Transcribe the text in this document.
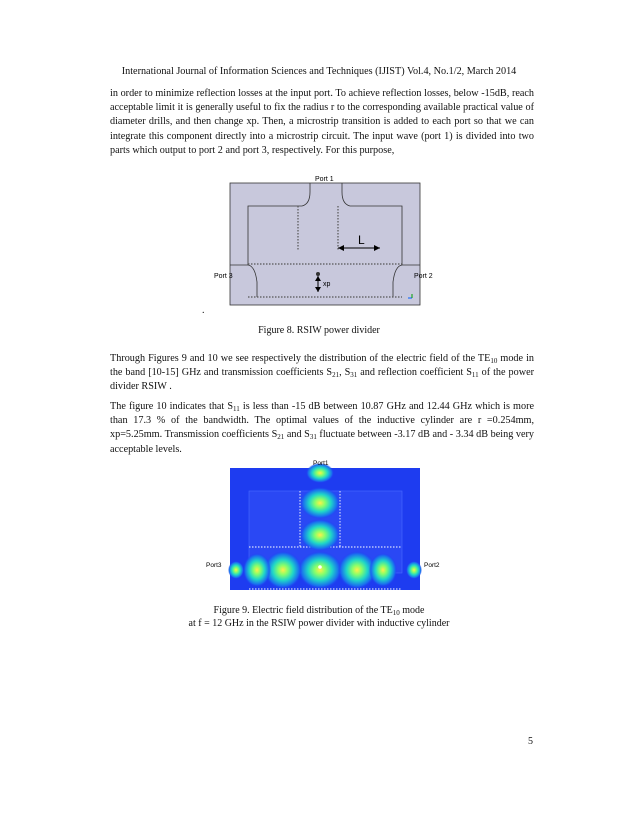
International Journal of Information Sciences and Techniques (IJIST) Vol.4, No.1/2, March 2014
in order to minimize reflection losses at the input port. To achieve reflection losses, below -15dB, reach acceptable limit it is generally useful to fix the radius r to the corresponding available practical value of diameter drills, and then change xp. Then, a microstrip transition is added to each port so that we can integrate this component directly into a microstrip circuit. The input wave (port 1) is divided into two parts which output to port 2 and port 3, respectively. For this purpose,
L
xp
Port 1
Port 3	Port 2
.
Figure 8. RSIW power divider
Through Figures 9 and 10 we see respectively the distribution of the electric field of the $TE_{10}$ mode in the band [10-15] GHz and transmission coefficients $S_{21}$, $S_{31}$ and reflection coefficient $S_{11}$ of the power divider RSIW .
The figure 10 indicates that $S_{11}$ is less than -15 dB between 10.87 GHz and 12.44 GHz which is more than 17.3 % of the bandwidth. The optimal values of the inductive cylinder are r =0.254mm, xp=5.25mm. Transmission coefficients $S_{21}$ and $S_{31}$ fluctuate between -3.17 dB and - 3.34 dB being very acceptable levels.
Port1
Port3	Port2
Figure 9. Electric field distribution of the $TE_{10}$ mode
at f = 12 GHz in the RSIW power divider with inductive cylinder
5
